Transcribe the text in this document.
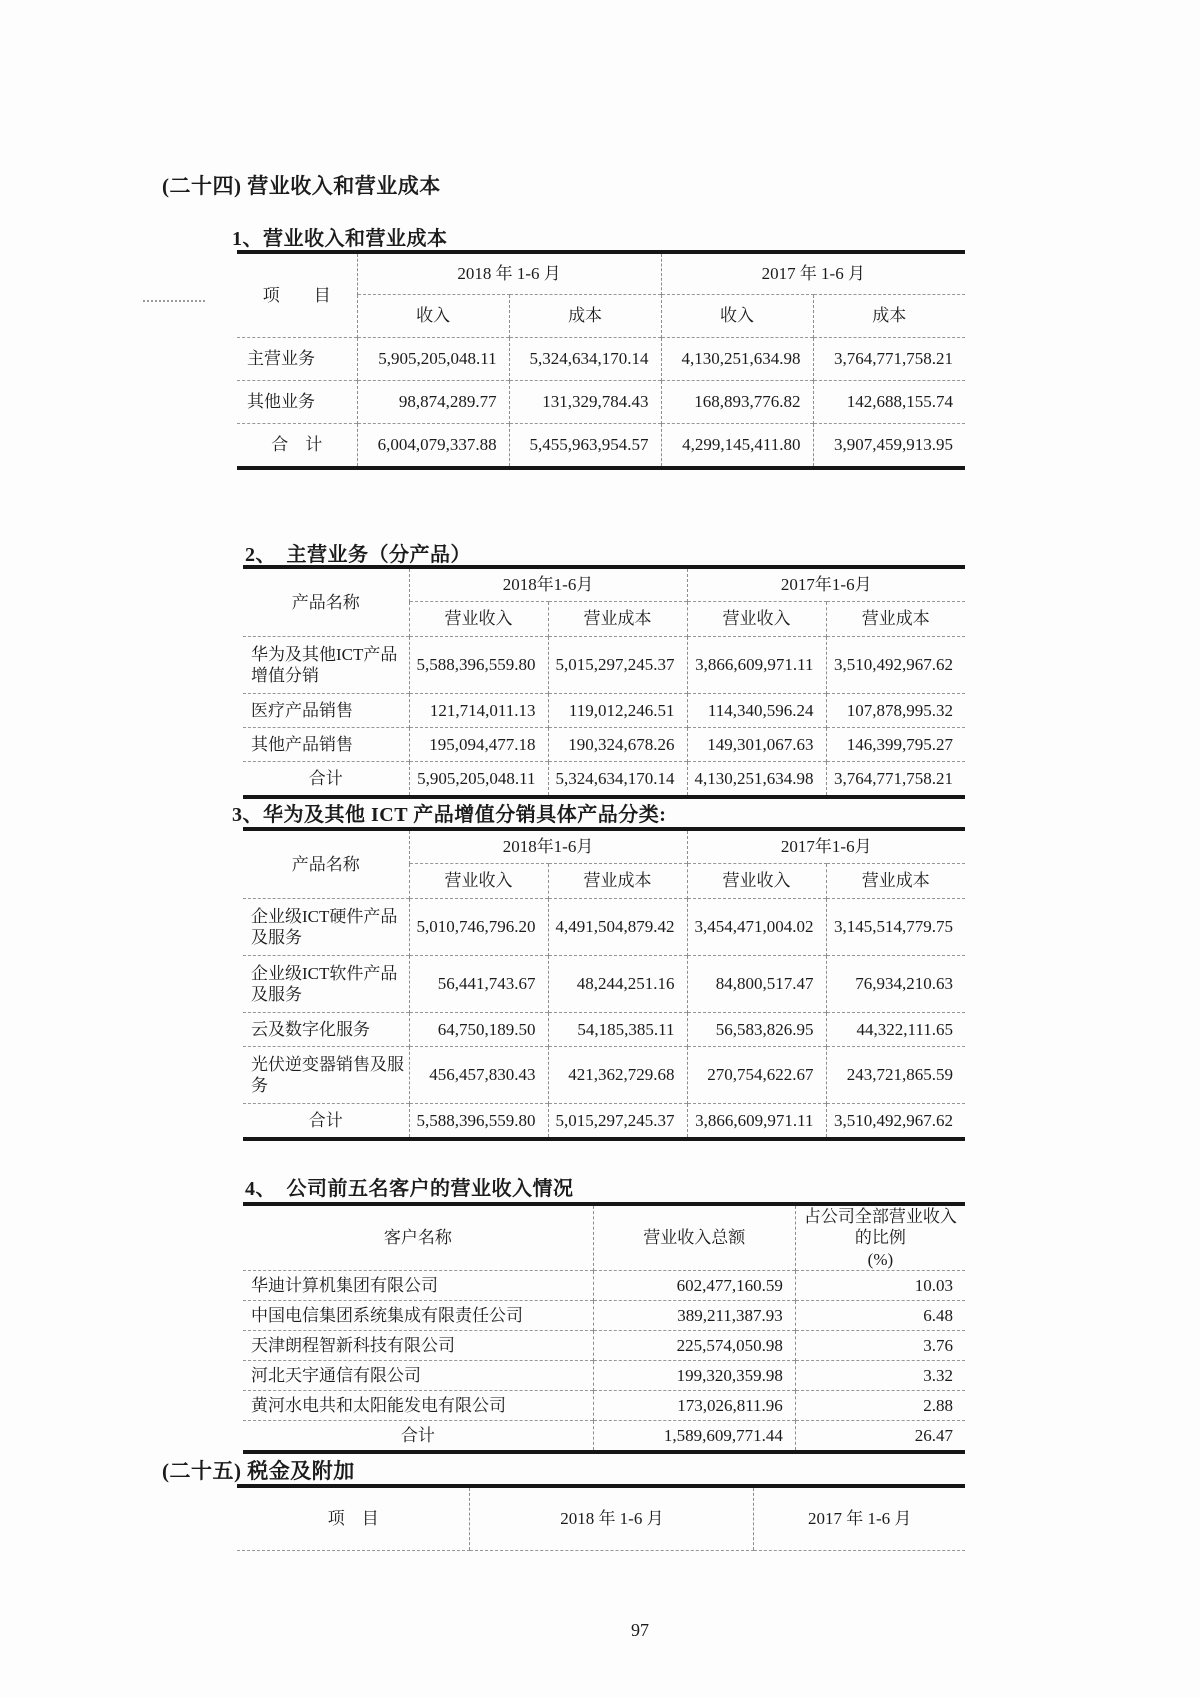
(二十四) 营业收入和营业成本
1、营业收入和营业成本
项　　目	2018 年 1-6 月		2017 年 1-6 月	
	收入	成本	收入	成本
主营业务	5,905,205,048.11	5,324,634,170.14	4,130,251,634.98	3,764,771,758.21
其他业务	98,874,289.77	131,329,784.43	168,893,776.82	142,688,155.74
合　计	6,004,079,337.88	5,455,963,954.57	4,299,145,411.80	3,907,459,913.95
2、　主营业务（分产品）
产品名称	2018年1-6月		2017年1-6月	
	营业收入	营业成本	营业收入	营业成本
华为及其他ICT产品增值分销	5,588,396,559.80	5,015,297,245.37	3,866,609,971.11	3,510,492,967.62
医疗产品销售	121,714,011.13	119,012,246.51	114,340,596.24	107,878,995.32
其他产品销售	195,094,477.18	190,324,678.26	149,301,067.63	146,399,795.27
合计	5,905,205,048.11	5,324,634,170.14	4,130,251,634.98	3,764,771,758.21
3、华为及其他 ICT 产品增值分销具体产品分类:
产品名称	2018年1-6月		2017年1-6月	
	营业收入	营业成本	营业收入	营业成本
企业级ICT硬件产品及服务	5,010,746,796.20	4,491,504,879.42	3,454,471,004.02	3,145,514,779.75
企业级ICT软件产品及服务	56,441,743.67	48,244,251.16	84,800,517.47	76,934,210.63
云及数字化服务	64,750,189.50	54,185,385.11	56,583,826.95	44,322,111.65
光伏逆变器销售及服务	456,457,830.43	421,362,729.68	270,754,622.67	243,721,865.59
合计	5,588,396,559.80	5,015,297,245.37	3,866,609,971.11	3,510,492,967.62
4、　公司前五名客户的营业收入情况
客户名称	营业收入总额	占公司全部营业收入的比例
(%)

华迪计算机集团有限公司	602,477,160.59	10.03
中国电信集团系统集成有限责任公司	389,211,387.93	6.48
天津朗程智新科技有限公司	225,574,050.98	3.76
河北天宇通信有限公司	199,320,359.98	3.32
黄河水电共和太阳能发电有限公司	173,026,811.96	2.88
合计	1,589,609,771.44	26.47
(二十五) 税金及附加
项　目	2018 年 1-6 月	2017 年 1-6 月
97
